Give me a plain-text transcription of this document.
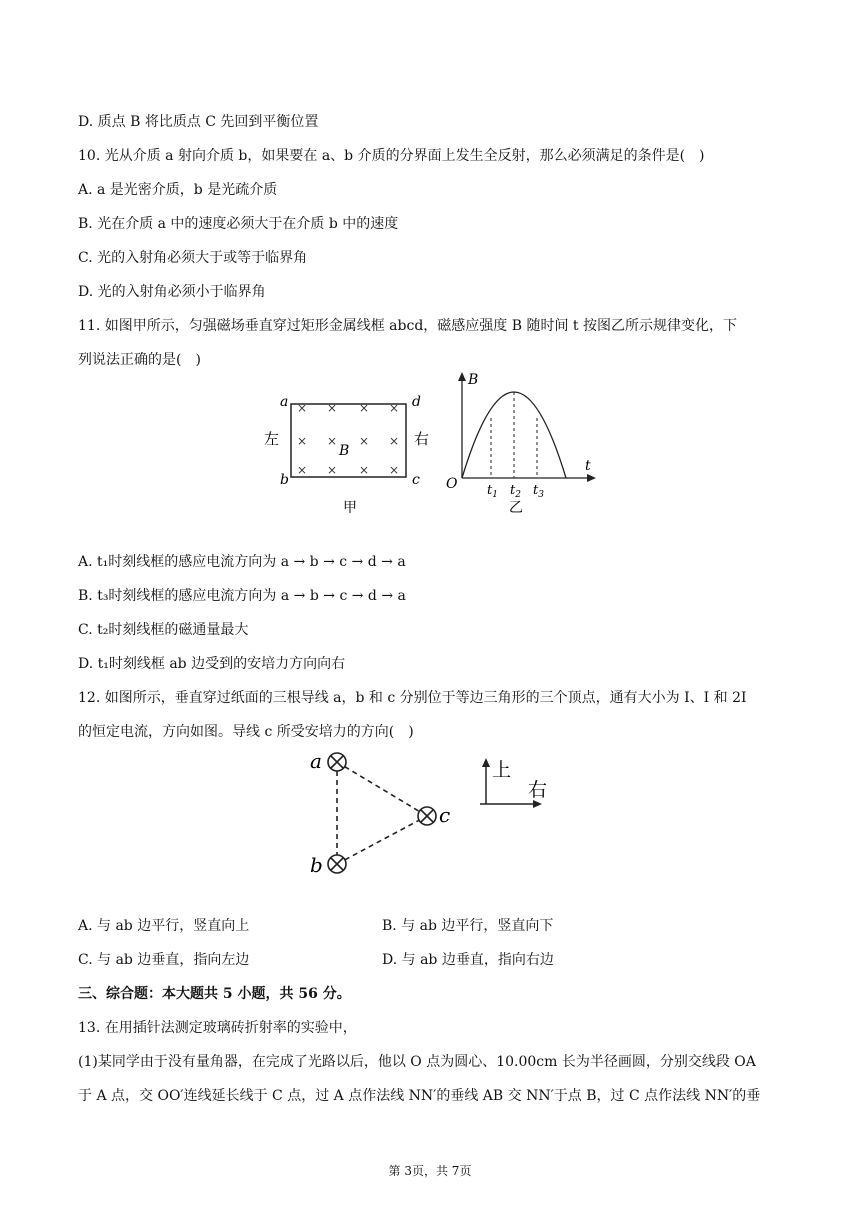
D. 质点 B 将比质点 C 先回到平衡位置
10. 光从介质 a 射向介质 b，如果要在 a、b 介质的分界面上发生全反射，那么必须满足的条件是(　)
A. a 是光密介质，b 是光疏介质
B. 光在介质 a 中的速度必须大于在介质 b 中的速度
C. 光的入射角必须大于或等于临界角
D. 光的入射角必须小于临界角
11. 如图甲所示，匀强磁场垂直穿过矩形金属线框 abcd，磁感应强度 B 随时间 t 按图乙所示规律变化，下
列说法正确的是(　)
× × × ×
× × × ×
× × × ×
a	d
b	c
B
左	右
甲
B
t
O $t_1$ $t_2$ $t_3$
乙
A. t₁时刻线框的感应电流方向为 a → b → c → d → a
B. t₃时刻线框的感应电流方向为 a → b → c → d → a
C. t₂时刻线框的磁通量最大
D. t₁时刻线框 ab 边受到的安培力方向向右
12. 如图所示，垂直穿过纸面的三根导线 a，b 和 c 分别位于等边三角形的三个顶点，通有大小为 I、I 和 2I
的恒定电流，方向如图。导线 c 所受安培力的方向(　)
a
b
c
上
右
A. 与 ab 边平行，竖直向上	B. 与 ab 边平行，竖直向下
C. 与 ab 边垂直，指向左边	D. 与 ab 边垂直，指向右边
三、综合题：本大题共 5 小题，共 56 分。
13. 在用插针法测定玻璃砖折射率的实验中，
(1)某同学由于没有量角器，在完成了光路以后，他以 O 点为圆心、10.00cm 长为半径画圆，分别交线段 OA
于 A 点，交 OO′连线延长线于 C 点，过 A 点作法线 NN′的垂线 AB 交 NN′于点 B，过 C 点作法线 NN′的垂
第 3页，共 7页
